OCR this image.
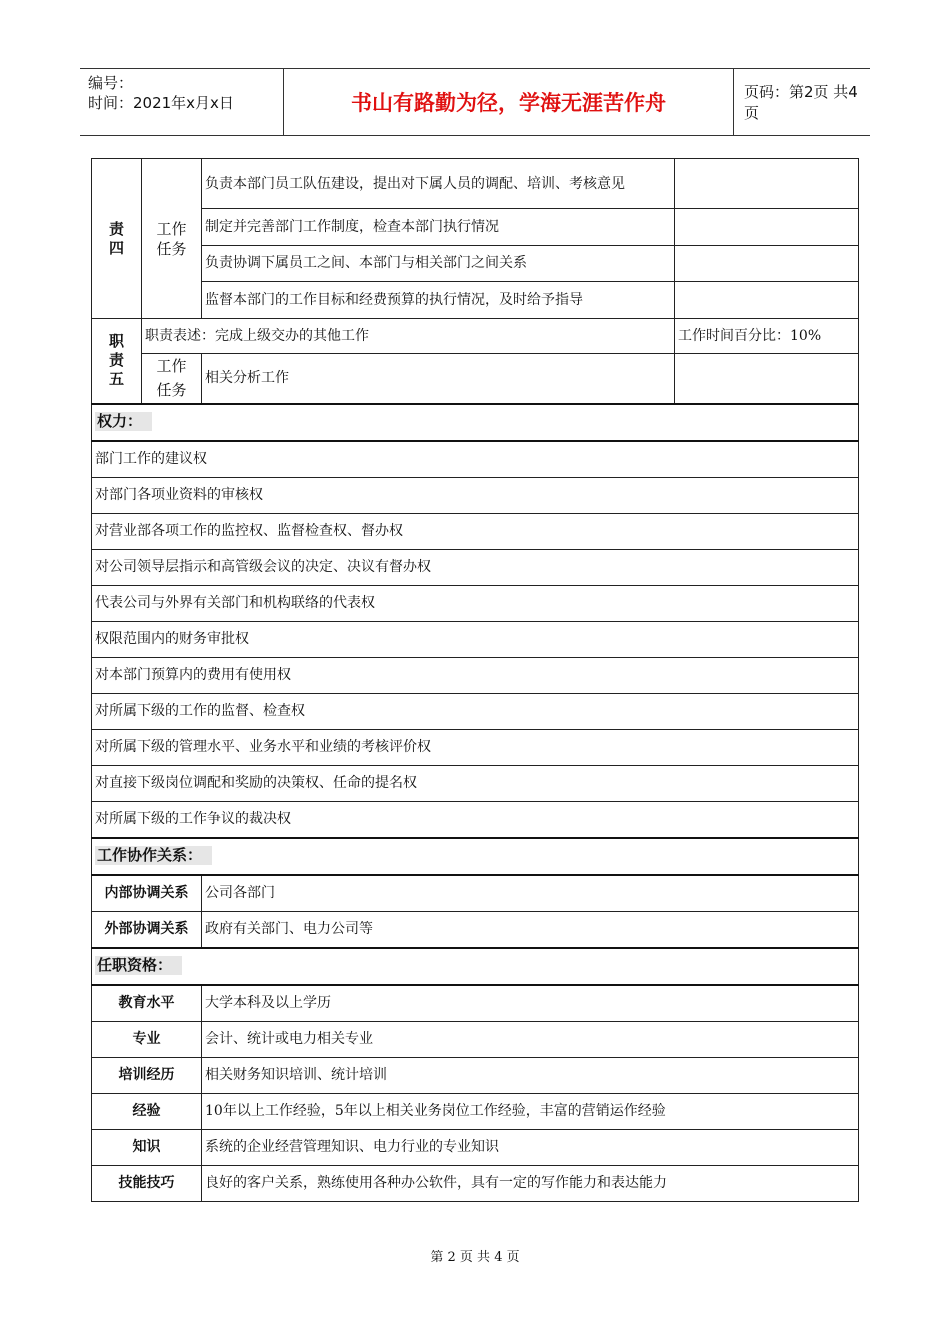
编号：
时间：2021年x月x日	书山有路勤为径，学海无涯苦作舟	页码：第2页 共4页
责
四	工作任务	负责本部门员工队伍建设，提出对下属人员的调配、培训、考核意见	
		制定并完善部门工作制度，检查本部门执行情况	
		负责协调下属员工之间、本部门与相关部门之间关系	
		监督本部门的工作目标和经费预算的执行情况，及时给予指导	

职
责
五	职责表述：完成上级交办的其他工作		工作时间百分比：10%
	工作任务	相关分析工作	
权力：			
部门工作的建议权			
对部门各项业资料的审核权			
对营业部各项工作的监控权、监督检查权、督办权			
对公司领导层指示和高管级会议的决定、决议有督办权			
代表公司与外界有关部门和机构联络的代表权			
权限范围内的财务审批权			
对本部门预算内的费用有使用权			
对所属下级的工作的监督、检查权			
对所属下级的管理水平、业务水平和业绩的考核评价权			
对直接下级岗位调配和奖励的决策权、任命的提名权			
对所属下级的工作争议的裁决权			
工作协作关系：			
内部协调关系		公司各部门	
外部协调关系		政府有关部门、电力公司等	
任职资格：			
教育水平		大学本科及以上学历	
专业		会计、统计或电力相关专业	
培训经历		相关财务知识培训、统计培训	
经验		10年以上工作经验，5年以上相关业务岗位工作经验，丰富的营销运作经验	
知识		系统的企业经营管理知识、电力行业的专业知识	
技能技巧		良好的客户关系，熟练使用各种办公软件，具有一定的写作能力和表达能力	
第 2 页 共 4 页
